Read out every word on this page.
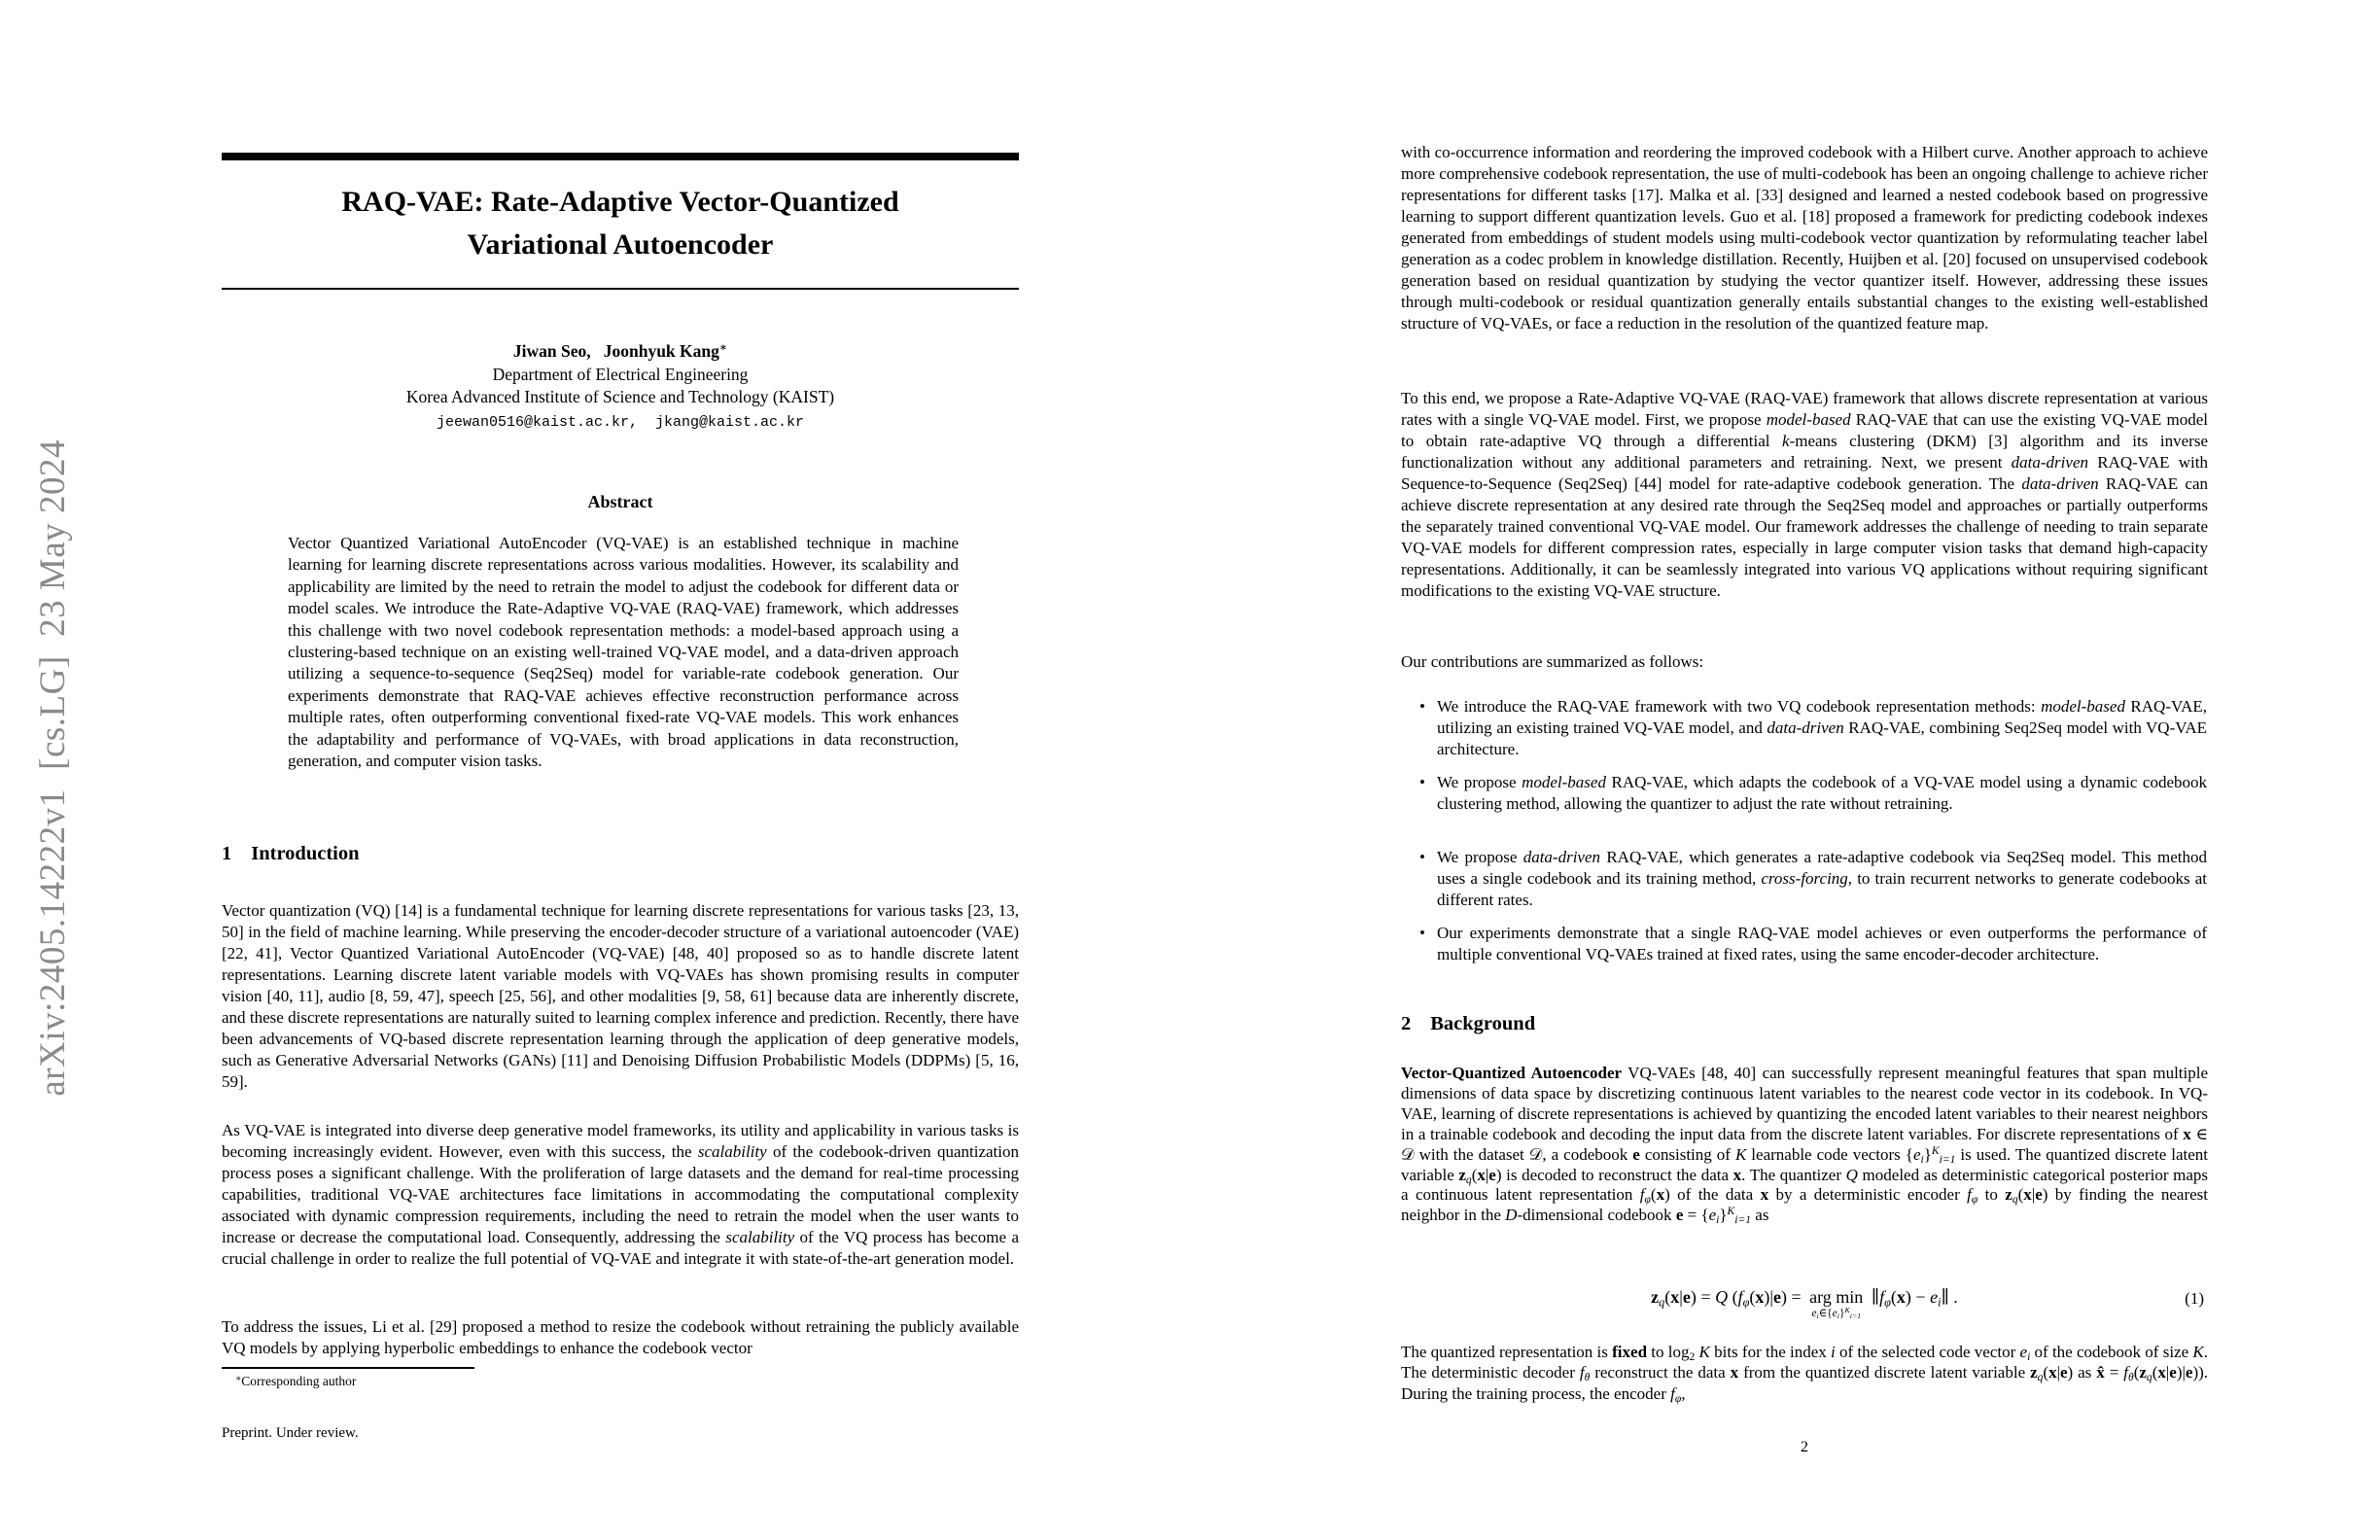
arXiv:2405.14222v1  [cs.LG]  23 May 2024
RAQ-VAE: Rate-Adaptive Vector-Quantized
Variational Autoencoder
Jiwan Seo, Joonhyuk Kang∗
Department of Electrical Engineering
Korea Advanced Institute of Science and Technology (KAIST)
jeewan0516@kaist.ac.kr,  jkang@kaist.ac.kr
Abstract
Vector Quantized Variational AutoEncoder (VQ-VAE) is an established technique in machine learning for learning discrete representations across various modalities. However, its scalability and applicability are limited by the need to retrain the model to adjust the codebook for different data or model scales. We introduce the Rate-Adaptive VQ-VAE (RAQ-VAE) framework, which addresses this challenge with two novel codebook representation methods: a model-based approach using a clustering-based technique on an existing well-trained VQ-VAE model, and a data-driven approach utilizing a sequence-to-sequence (Seq2Seq) model for variable-rate codebook generation. Our experiments demonstrate that RAQ-VAE achieves effective reconstruction performance across multiple rates, often outperforming conventional fixed-rate VQ-VAE models. This work enhances the adaptability and performance of VQ-VAEs, with broad applications in data reconstruction, generation, and computer vision tasks.
1 Introduction
Vector quantization (VQ) [14] is a fundamental technique for learning discrete representations for various tasks [23, 13, 50] in the field of machine learning. While preserving the encoder-decoder structure of a variational autoencoder (VAE) [22, 41], Vector Quantized Variational AutoEncoder (VQ-VAE) [48, 40] proposed so as to handle discrete latent representations. Learning discrete latent variable models with VQ-VAEs has shown promising results in computer vision [40, 11], audio [8, 59, 47], speech [25, 56], and other modalities [9, 58, 61] because data are inherently discrete, and these discrete representations are naturally suited to learning complex inference and prediction. Recently, there have been advancements of VQ-based discrete representation learning through the application of deep generative models, such as Generative Adversarial Networks (GANs) [11] and Denoising Diffusion Probabilistic Models (DDPMs) [5, 16, 59].
As VQ-VAE is integrated into diverse deep generative model frameworks, its utility and applicability in various tasks is becoming increasingly evident. However, even with this success, the scalability of the codebook-driven quantization process poses a significant challenge. With the proliferation of large datasets and the demand for real-time processing capabilities, traditional VQ-VAE architectures face limitations in accommodating the computational complexity associated with dynamic compression requirements, including the need to retrain the model when the user wants to increase or decrease the computational load. Consequently, addressing the scalability of the VQ process has become a crucial challenge in order to realize the full potential of VQ-VAE and integrate it with state-of-the-art generation model.
To address the issues, Li et al. [29] proposed a method to resize the codebook without retraining the publicly available VQ models by applying hyperbolic embeddings to enhance the codebook vector
∗Corresponding author
Preprint. Under review.
with co-occurrence information and reordering the improved codebook with a Hilbert curve. Another approach to achieve more comprehensive codebook representation, the use of multi-codebook has been an ongoing challenge to achieve richer representations for different tasks [17]. Malka et al. [33] designed and learned a nested codebook based on progressive learning to support different quantization levels. Guo et al. [18] proposed a framework for predicting codebook indexes generated from embeddings of student models using multi-codebook vector quantization by reformulating teacher label generation as a codec problem in knowledge distillation. Recently, Huijben et al. [20] focused on unsupervised codebook generation based on residual quantization by studying the vector quantizer itself. However, addressing these issues through multi-codebook or residual quantization generally entails substantial changes to the existing well-established structure of VQ-VAEs, or face a reduction in the resolution of the quantized feature map.
To this end, we propose a Rate-Adaptive VQ-VAE (RAQ-VAE) framework that allows discrete representation at various rates with a single VQ-VAE model. First, we propose model-based RAQ-VAE that can use the existing VQ-VAE model to obtain rate-adaptive VQ through a differential k-means clustering (DKM) [3] algorithm and its inverse functionalization without any additional parameters and retraining. Next, we present data-driven RAQ-VAE with Sequence-to-Sequence (Seq2Seq) [44] model for rate-adaptive codebook generation. The data-driven RAQ-VAE can achieve discrete representation at any desired rate through the Seq2Seq model and approaches or partially outperforms the separately trained conventional VQ-VAE model. Our framework addresses the challenge of needing to train separate VQ-VAE models for different compression rates, especially in large computer vision tasks that demand high-capacity representations. Additionally, it can be seamlessly integrated into various VQ applications without requiring significant modifications to the existing VQ-VAE structure.
Our contributions are summarized as follows:
• We introduce the RAQ-VAE framework with two VQ codebook representation methods: model-based RAQ-VAE, utilizing an existing trained VQ-VAE model, and data-driven RAQ-VAE, combining Seq2Seq model with VQ-VAE architecture.
• We propose model-based RAQ-VAE, which adapts the codebook of a VQ-VAE model using a dynamic codebook clustering method, allowing the quantizer to adjust the rate without retraining.
• We propose data-driven RAQ-VAE, which generates a rate-adaptive codebook via Seq2Seq model. This method uses a single codebook and its training method, cross-forcing, to train recurrent networks to generate codebooks at different rates.
• Our experiments demonstrate that a single RAQ-VAE model achieves or even outperforms the performance of multiple conventional VQ-VAEs trained at fixed rates, using the same encoder-decoder architecture.
2 Background
Vector-Quantized Autoencoder VQ-VAEs [48, 40] can successfully represent meaningful features that span multiple dimensions of data space by discretizing continuous latent variables to the nearest code vector in its codebook. In VQ-VAE, learning of discrete representations is achieved by quantizing the encoded latent variables to their nearest neighbors in a trainable codebook and decoding the input data from the discrete latent variables. For discrete representations of x ∈ 𝒟 with the dataset 𝒟, a codebook e consisting of K learnable code vectors {ei}$^K$i=1 is used. The quantized discrete latent variable zq(x|e) is decoded to reconstruct the data x. The quantizer Q modeled as deterministic categorical posterior maps a continuous latent representation fφ(x) of the data x by a deterministic encoder fφ to zq(x|e) by finding the nearest neighbor in the D-dimensional codebook e = {ei}$^K$i=1 as
zq(x|e) = Q (fφ(x)|e) = arg min
ei∈{ei}$^K$i=1
∥fφ(x) − ei∥ .	(1)
The quantized representation is fixed to log2 K bits for the index i of the selected code vector ei of the codebook of size K. The deterministic decoder fθ reconstruct the data x from the quantized discrete latent variable zq(x|e) as x̂ = fθ(zq(x|e)|e)). During the training process, the encoder fφ,
2
